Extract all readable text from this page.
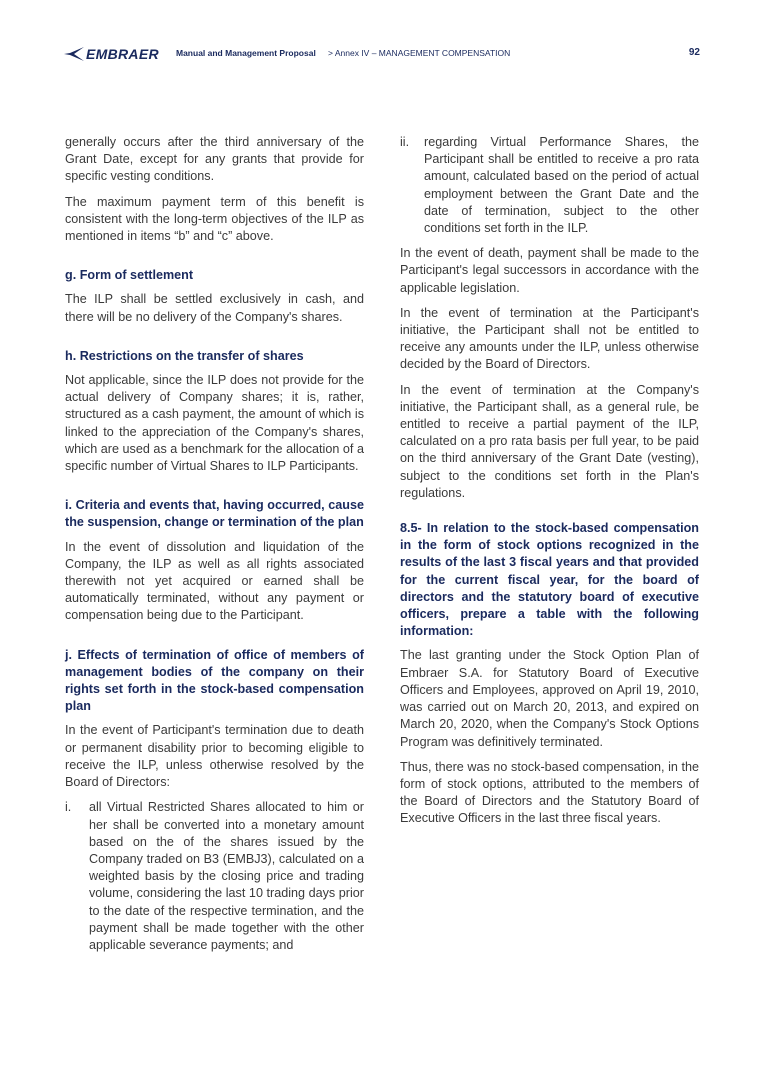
EMBRAER Manual and Management Proposal > Annex IV – MANAGEMENT COMPENSATION	92

generally occurs after the third anniversary of the Grant Date, except for any grants that provide for specific vesting conditions.

The maximum payment term of this benefit is consistent with the long-term objectives of the ILP as mentioned in items “b” and “c” above.

g. Form of settlement

The ILP shall be settled exclusively in cash, and there will be no delivery of the Company's shares.

h. Restrictions on the transfer of shares

Not applicable, since the ILP does not provide for the actual delivery of Company shares; it is, rather, structured as a cash payment, the amount of which is linked to the appreciation of the Company's shares, which are used as a benchmark for the allocation of a specific number of Virtual Shares to ILP Participants.

i. Criteria and events that, having occurred, cause the suspension, change or termination of the plan

In the event of dissolution and liquidation of the Company, the ILP as well as all rights associated therewith not yet acquired or earned shall be automatically terminated, without any payment or compensation being due to the Participant.

j. Effects of termination of office of members of management bodies of the company on their rights set forth in the stock-based compensation plan

In the event of Participant's termination due to death or permanent disability prior to becoming eligible to receive the ILP, unless otherwise resolved by the Board of Directors:

i.	all Virtual Restricted Shares allocated to him or her shall be converted into a monetary amount based on the of the shares issued by the Company traded on B3 (EMBJ3), calculated on a weighted basis by the closing price and trading volume, considering the last 10 trading days prior to the date of the respective termination, and the payment shall be made together with the other applicable severance payments; and
ii.	regarding Virtual Performance Shares, the Participant shall be entitled to receive a pro rata amount, calculated based on the period of actual employment between the Grant Date and the date of termination, subject to the other conditions set forth in the ILP.

In the event of death, payment shall be made to the Participant's legal successors in accordance with the applicable legislation.

In the event of termination at the Participant's initiative, the Participant shall not be entitled to receive any amounts under the ILP, unless otherwise decided by the Board of Directors.

In the event of termination at the Company's initiative, the Participant shall, as a general rule, be entitled to receive a partial payment of the ILP, calculated on a pro rata basis per full year, to be paid on the third anniversary of the Grant Date (vesting), subject to the conditions set forth in the Plan's regulations.

8.5- In relation to the stock-based compensation in the form of stock options recognized in the results of the last 3 fiscal years and that provided for the current fiscal year, for the board of directors and the statutory board of executive officers, prepare a table with the following information:

The last granting under the Stock Option Plan of Embraer S.A. for Statutory Board of Executive Officers and Employees, approved on April 19, 2010, was carried out on March 20, 2013, and expired on March 20, 2020, when the Company's Stock Options Program was definitively terminated.

Thus, there was no stock-based compensation, in the form of stock options, attributed to the members of the Board of Directors and the Statutory Board of Executive Officers in the last three fiscal years.
